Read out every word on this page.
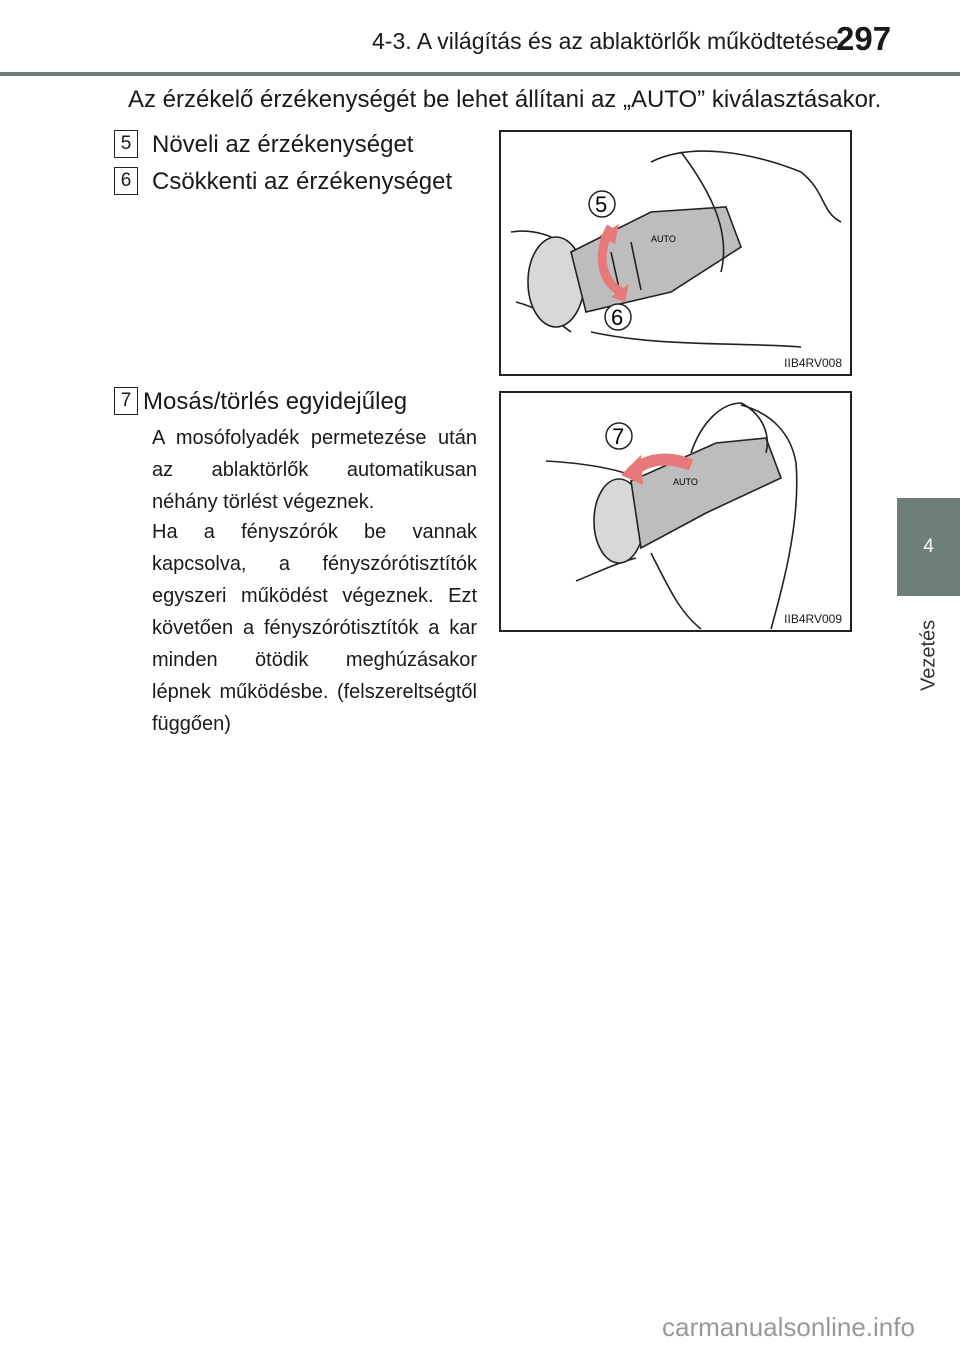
4-3. A világítás és az ablaktörlők működtetése
297
4
Vezetés
Az érzékelő érzékenységét be lehet állítani az „AUTO” kiválasztásakor.
5 Növeli az érzékenységet
6 Csökkenti az érzékenységet
7 Mosás/törlés egyidejűleg
A mosófolyadék permetezése után az ablaktörlők automatikusan néhány törlést végeznek.
Ha a fényszórók be vannak kapcsolva, a fényszórótisztítók egyszeri működést végeznek. Ezt követően a fényszórótisztítók a kar minden ötödik meghúzásakor lépnek működésbe. (felszereltségtől függően)
AUTO
5
6
IIB4RV008
AUTO
7
IIB4RV009
carmanualsonline.info
